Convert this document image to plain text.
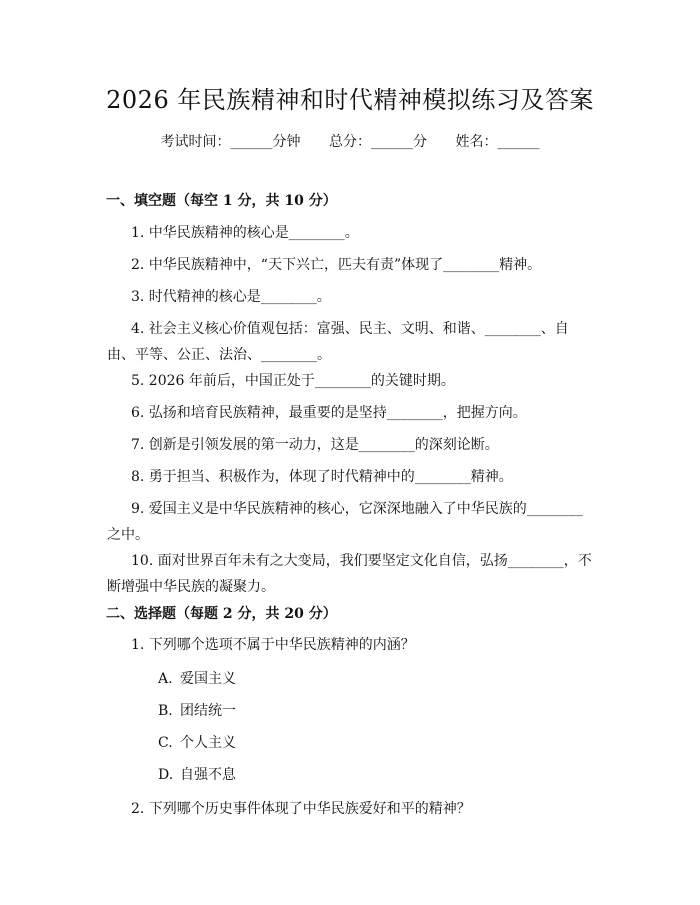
2026 年民族精神和时代精神模拟练习及答案
考试时间：______分钟 总分：______分 姓名：______
一、填空题（每空 1 分，共 10 分）
1. 中华民族精神的核心是________。
2. 中华民族精神中，“天下兴亡，匹夫有责”体现了________精神。
3. 时代精神的核心是________。
4. 社会主义核心价值观包括：富强、民主、文明、和谐、________、自由、平等、公正、法治、________。
5. 2026 年前后，中国正处于________的关键时期。
6. 弘扬和培育民族精神，最重要的是坚持________，把握方向。
7. 创新是引领发展的第一动力，这是________的深刻论断。
8. 勇于担当、积极作为，体现了时代精神中的________精神。
9. 爱国主义是中华民族精神的核心，它深深地融入了中华民族的________之中。
10. 面对世界百年未有之大变局，我们要坚定文化自信，弘扬________，不断增强中华民族的凝聚力。
二、选择题（每题 2 分，共 20 分）
1. 下列哪个选项不属于中华民族精神的内涵？
A. 爱国主义
B. 团结统一
C. 个人主义
D. 自强不息
2. 下列哪个历史事件体现了中华民族爱好和平的精神？
